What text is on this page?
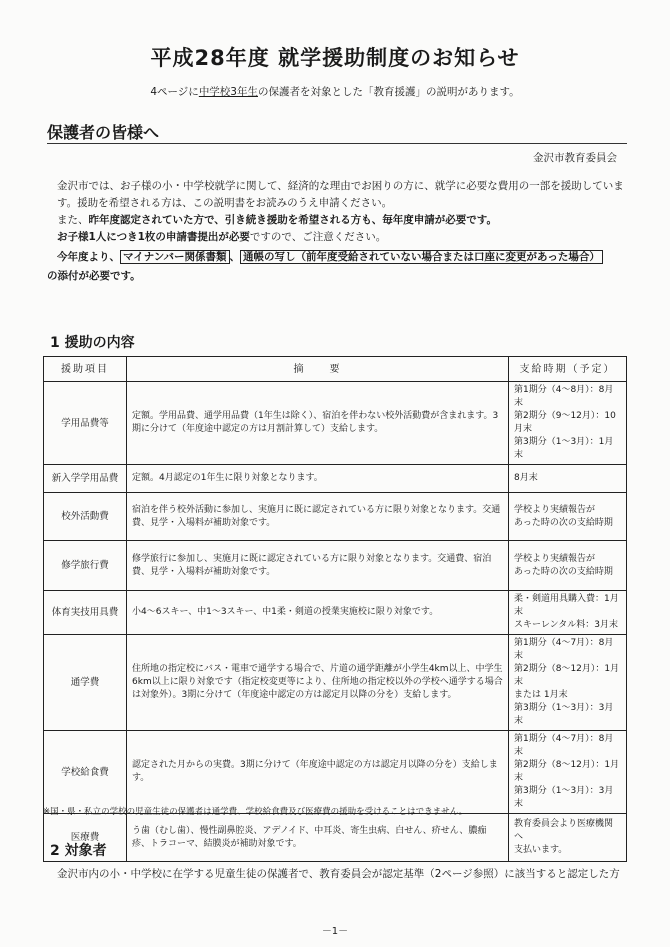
平成28年度 就学援助制度のお知らせ
4ページに中学校3年生の保護者を対象とした「教育援護」の説明があります。
保護者の皆様へ
金沢市教育委員会
金沢市では、お子様の小・中学校就学に関して、経済的な理由でお困りの方に、就学に必要な費用の一部を援助しています。援助を希望される方は、この説明書をお読みのうえ申請ください。
また、昨年度認定されていた方で、引き続き援助を希望される方も、毎年度申請が必要です。
お子様1人につき1枚の申請書提出が必要ですので、ご注意ください。
今年度より、 マイナンバー関係書類 、 通帳の写し（前年度受給されていない場合または口座に変更があった場合）
の添付が必要です。
1 援助の内容
援助項目	摘　　要	支給時期（予定）
学用品費等	定額。学用品費、通学用品費（1年生は除く）、宿泊を伴わない校外活動費が含まれます。3期に分けて（年度途中認定の方は月割計算して）支給します。	第1期分（4～8月）：8月末
第2期分（9～12月）：10月末
第3期分（1～3月）：1月末
新入学学用品費	定額。4月認定の1年生に限り対象となります。	8月末
校外活動費	宿泊を伴う校外活動に参加し、実施月に既に認定されている方に限り対象となります。交通費、見学・入場料が補助対象です。	学校より実績報告が
あった時の次の支給時期
修学旅行費	修学旅行に参加し、実施月に既に認定されている方に限り対象となります。交通費、宿泊費、見学・入場料が補助対象です。	学校より実績報告が
あった時の次の支給時期
体育実技用具費	小4～6スキー、中1～3スキー、中1柔・剣道の授業実施校に限り対象です。	柔・剣道用具購入費：1月末
スキーレンタル料：3月末
通学費	住所地の指定校にバス・電車で通学する場合で、片道の通学距離が小学生4km以上、中学生6km以上に限り対象です（指定校変更等により、住所地の指定校以外の学校へ通学する場合は対象外）。3期に分けて（年度途中認定の方は認定月以降の分を）支給します。	第1期分（4～7月）：8月末
第2期分（8～12月）：1月末
または 1月末
第3期分（1～3月）：3月末
学校給食費	認定された月からの実費。3期に分けて（年度途中認定の方は認定月以降の分を）支給します。	第1期分（4～7月）：8月末
第2期分（8～12月）：1月末
第3期分（1～3月）：3月末
医療費	う歯（むし歯）、慢性副鼻腔炎、アデノイド、中耳炎、寄生虫病、白せん、疥せん、膿痂疹、トラコーマ、結膜炎が補助対象です。	教育委員会より医療機関へ
支払います。
※国・県・私立の学校の児童生徒の保護者は通学費、学校給食費及び医療費の援助を受けることはできません。
2 対象者
金沢市内の小・中学校に在学する児童生徒の保護者で、教育委員会が認定基準（2ページ参照）に該当すると認定した方
－1－
